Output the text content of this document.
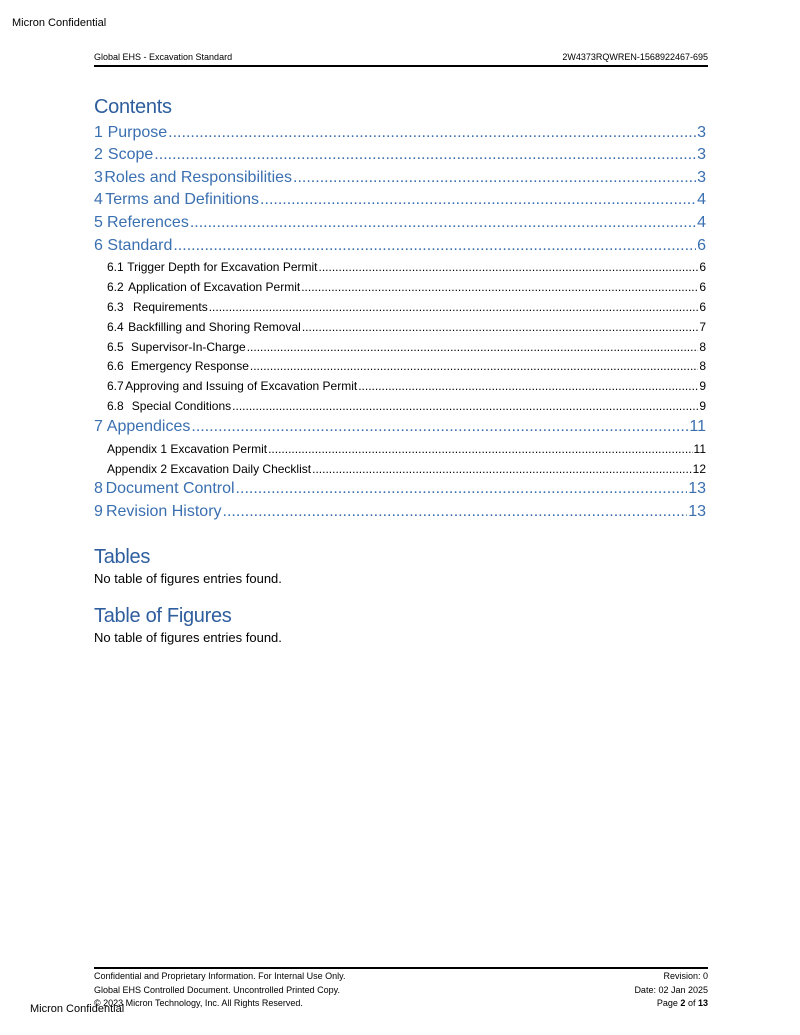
Micron Confidential
Global EHS - Excavation Standard	2W4373RQWREN-1568922467-695
Contents
1 Purpose .....	3
2 Scope .....	3
3 Roles and Responsibilities .....	3
4 Terms and Definitions .....	4
5 References .....	4
6 Standard .....	6
6.1 Trigger Depth for Excavation Permit .....	6
6.2 Application of Excavation Permit .....	6
6.3 Requirements .....	6
6.4 Backfilling and Shoring Removal .....	7
6.5 Supervisor-In-Charge .....	8
6.6 Emergency Response .....	8
6.7 Approving and Issuing of Excavation Permit .....	9
6.8 Special Conditions .....	9
7 Appendices .....	11
Appendix 1 Excavation Permit .....	11
Appendix 2 Excavation Daily Checklist .....	12
8 Document Control .....	13
9 Revision History .....	13
Tables
No table of figures entries found.
Table of Figures
No table of figures entries found.
Confidential and Proprietary Information. For Internal Use Only.
Global EHS Controlled Document. Uncontrolled Printed Copy.
© 2023 Micron Technology, Inc. All Rights Reserved.
Revision: 0
Date: 02 Jan 2025
Page 2 of 13
Micron Confidential
